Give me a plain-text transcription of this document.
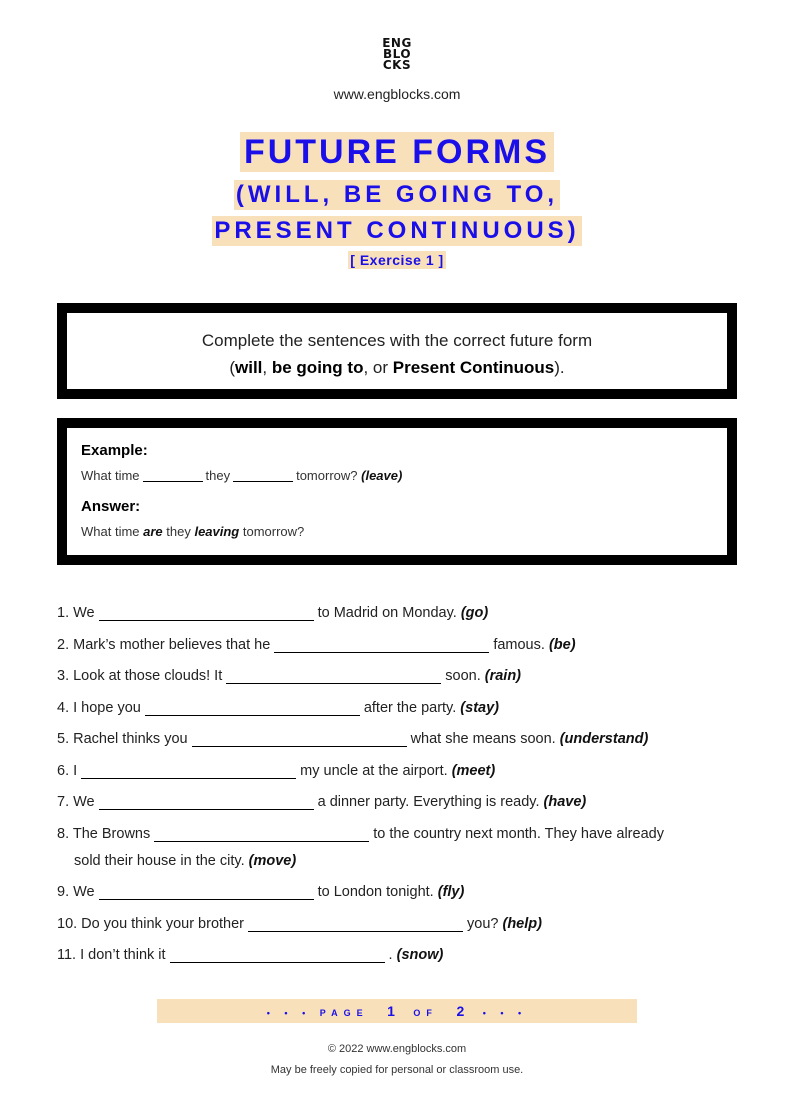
ENG
BLO
CKS
www.engblocks.com
FUTURE FORMS
(WILL, BE GOING TO,
PRESENT CONTINUOUS)
[ Exercise 1 ]
Complete the sentences with the correct future form
(will, be going to, or Present Continuous).
Example:
What time	they	tomorrow? (leave)
Answer:
What time are they leaving tomorrow?
1. We	to Madrid on Monday. (go)
2. Mark’s mother believes that he	famous. (be)
3. Look at those clouds! It	soon. (rain)
4. I hope you	after the party. (stay)
5. Rachel thinks you	what she means soon. (understand)
6. I	my uncle at the airport. (meet)
7. We	a dinner party. Everything is ready. (have)
8. The Browns	to the country next month. They have already
sold their house in the city. (move)
9. We	to London tonight. (fly)
10. Do you think your brother	you? (help)
11. I don’t think it	. (snow)
• • • PAGE 1 OF 2 • • •
© 2022 www.engblocks.com
May be freely copied for personal or classroom use.
